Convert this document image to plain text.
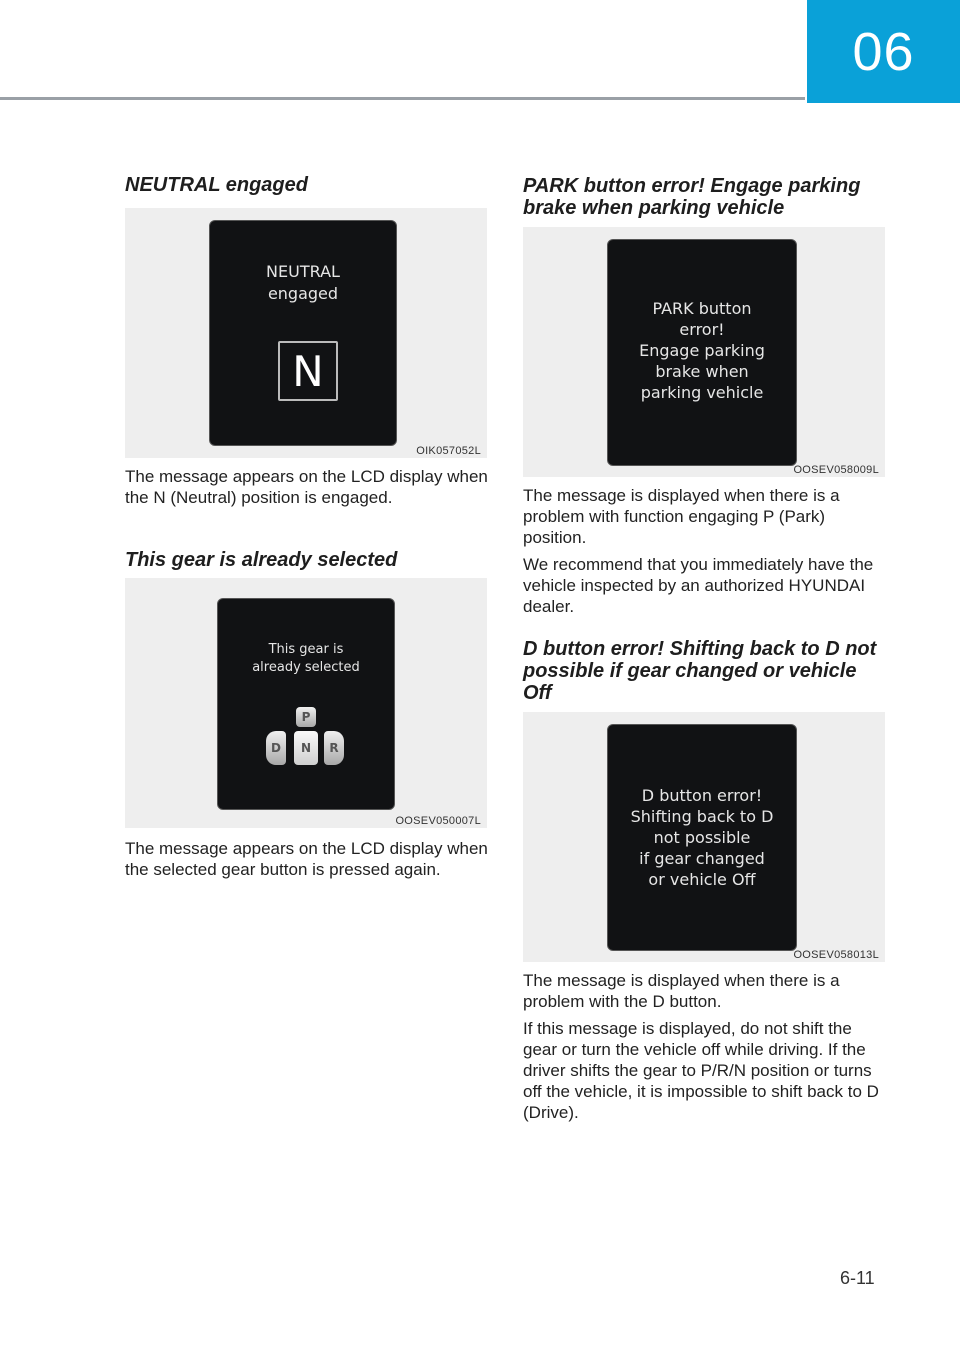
06
NEUTRAL engaged
NEUTRAL
engaged
N
OIK057052L

The message appears on the LCD display when the N (Neutral) position is engaged.

This gear is already selected
This gear is
already selected
P
D N R
OOSEV050007L

The message appears on the LCD display when the selected gear button is pressed again.

PARK button error! Engage parking brake when parking vehicle
PARK button
error!
Engage parking
brake when
parking vehicle
OOSEV058009L

The message is displayed when there is a problem with function engaging P (Park) position.

We recommend that you immediately have the vehicle inspected by an authorized HYUNDAI dealer.

D button error! Shifting back to D not possible if gear changed or vehicle Off
D button error!
Shifting back to D
not possible
if gear changed
or vehicle Off
OOSEV058013L

The message is displayed when there is a problem with the D button.

If this message is displayed, do not shift the gear or turn the vehicle off while driving. If the driver shifts the gear to P/R/N position or turns off the vehicle, it is impossible to shift back to D (Drive).

6-11
